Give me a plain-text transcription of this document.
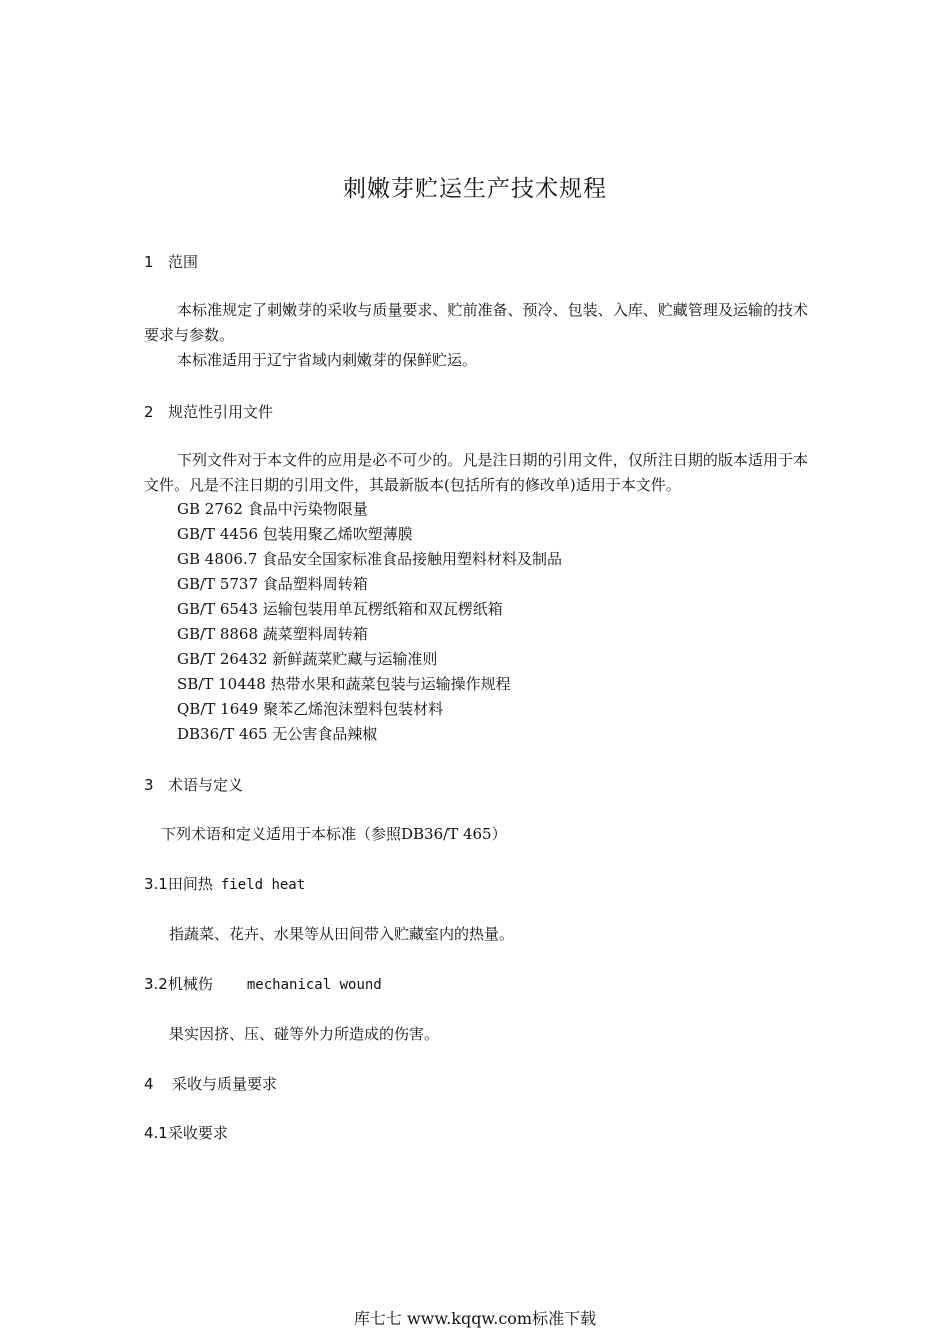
刺嫩芽贮运生产技术规程
1 范围
本标准规定了刺嫩芽的采收与质量要求、贮前准备、预冷、包装、入库、贮藏管理及运输的技术要求与参数。
本标准适用于辽宁省域内刺嫩芽的保鲜贮运。
2 规范性引用文件
下列文件对于本文件的应用是必不可少的。凡是注日期的引用文件，仅所注日期的版本适用于本文件。凡是不注日期的引用文件，其最新版本(包括所有的修改单)适用于本文件。
GB 2762 食品中污染物限量
GB/T 4456 包装用聚乙烯吹塑薄膜
GB 4806.7 食品安全国家标准食品接触用塑料材料及制品
GB/T 5737 食品塑料周转箱
GB/T 6543 运输包装用单瓦楞纸箱和双瓦楞纸箱
GB/T 8868 蔬菜塑料周转箱
GB/T 26432 新鲜蔬菜贮藏与运输准则
SB/T 10448 热带水果和蔬菜包装与运输操作规程
QB/T 1649 聚苯乙烯泡沫塑料包装材料
DB36/T 465 无公害食品辣椒
3 术语与定义
下列术语和定义适用于本标准（参照DB36/T 465）
3.1田间热 field heat
指蔬菜、花卉、水果等从田间带入贮藏室内的热量。
3.2机械伤 mechanical wound
果实因挤、压、碰等外力所造成的伤害。
4 采收与质量要求
4.1采收要求
库七七 www.kqqw.com标准下载
